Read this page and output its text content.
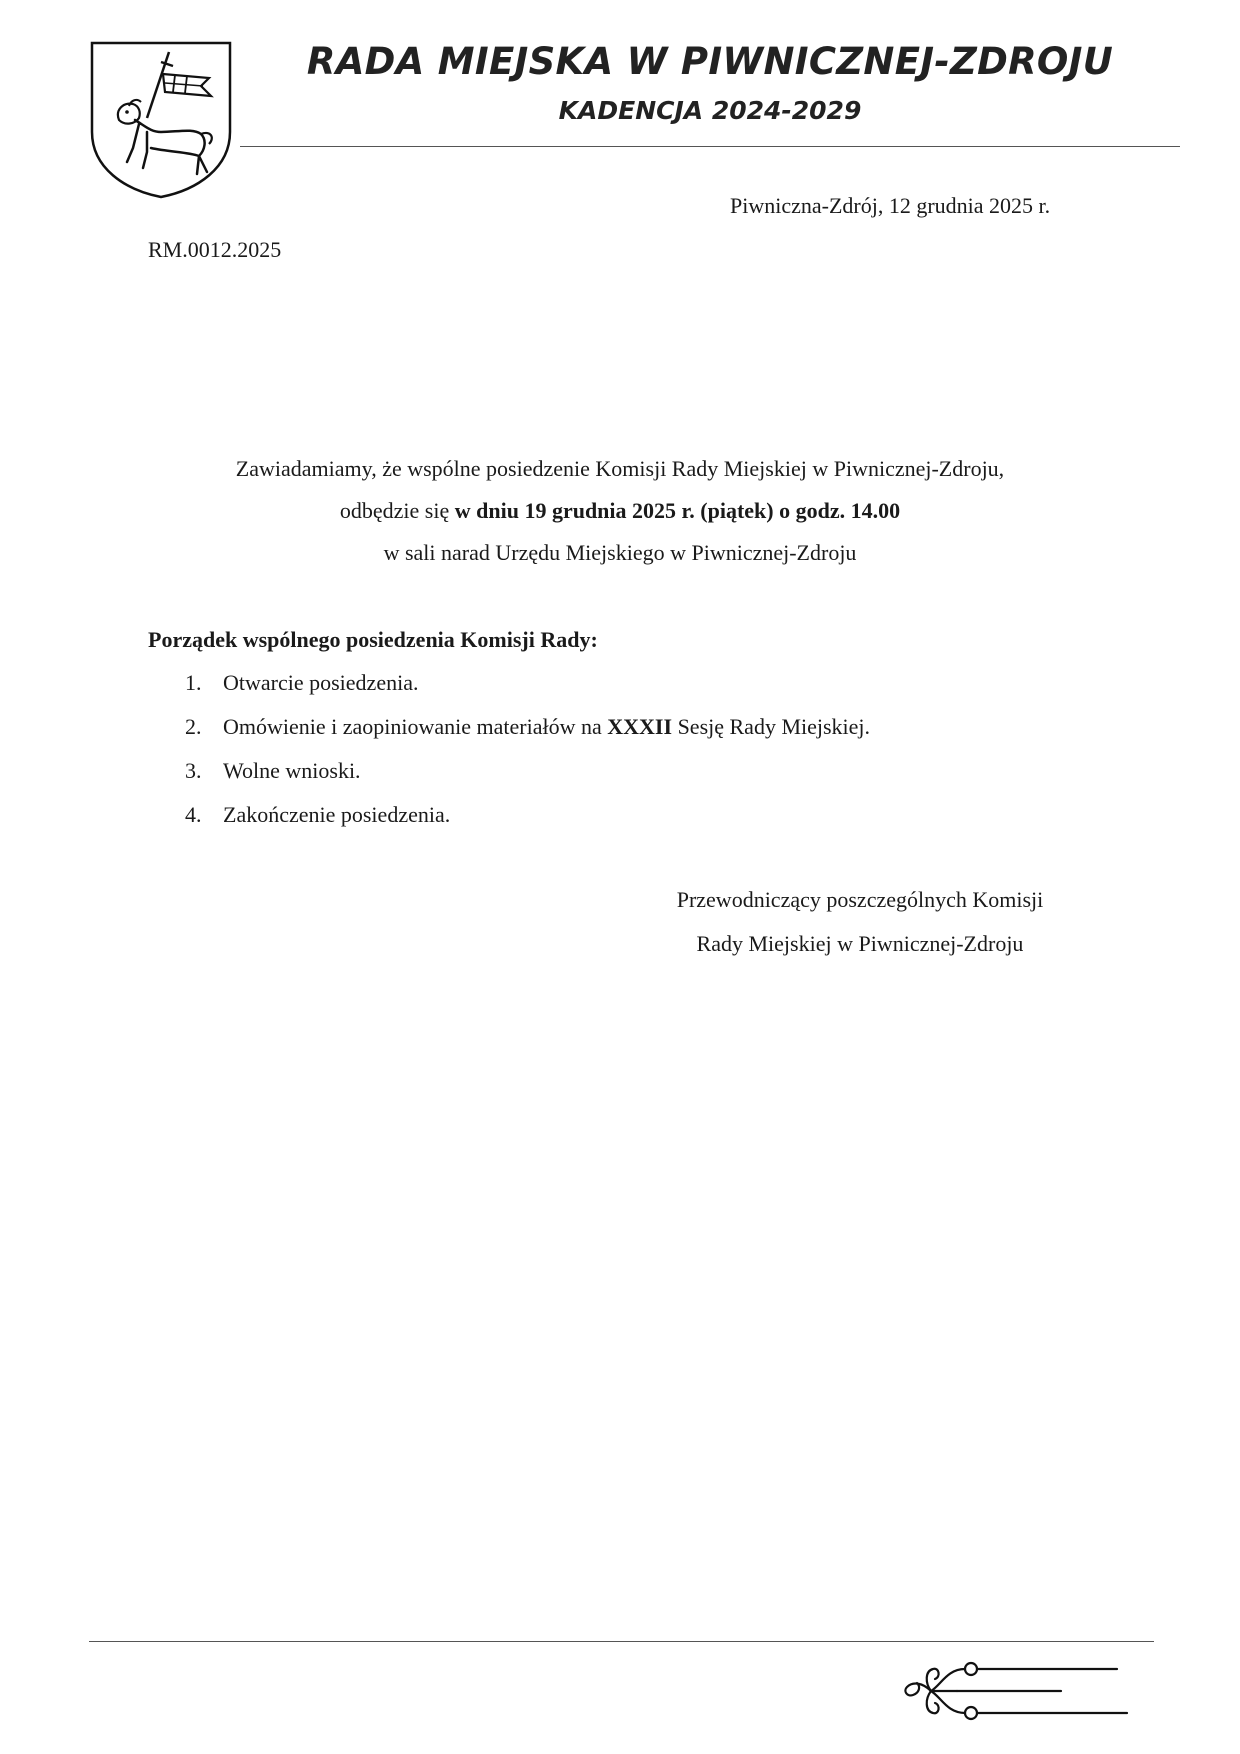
RADA MIEJSKA W PIWNICZNEJ-ZDROJU
KADENCJA 2024-2029
Piwniczna-Zdrój, 12 grudnia 2025 r.
RM.0012.2025
Zawiadamiamy, że wspólne posiedzenie Komisji Rady Miejskiej w Piwnicznej-Zdroju,
odbędzie się w dniu 19 grudnia 2025 r. (piątek) o godz. 14.00
w sali narad Urzędu Miejskiego w Piwnicznej-Zdroju
Porządek wspólnego posiedzenia Komisji Rady:
1. Otwarcie posiedzenia.
2. Omówienie i zaopiniowanie materiałów na XXXII Sesję Rady Miejskiej.
3. Wolne wnioski.
4. Zakończenie posiedzenia.
Przewodniczący poszczególnych Komisji
Rady Miejskiej w Piwnicznej-Zdroju
